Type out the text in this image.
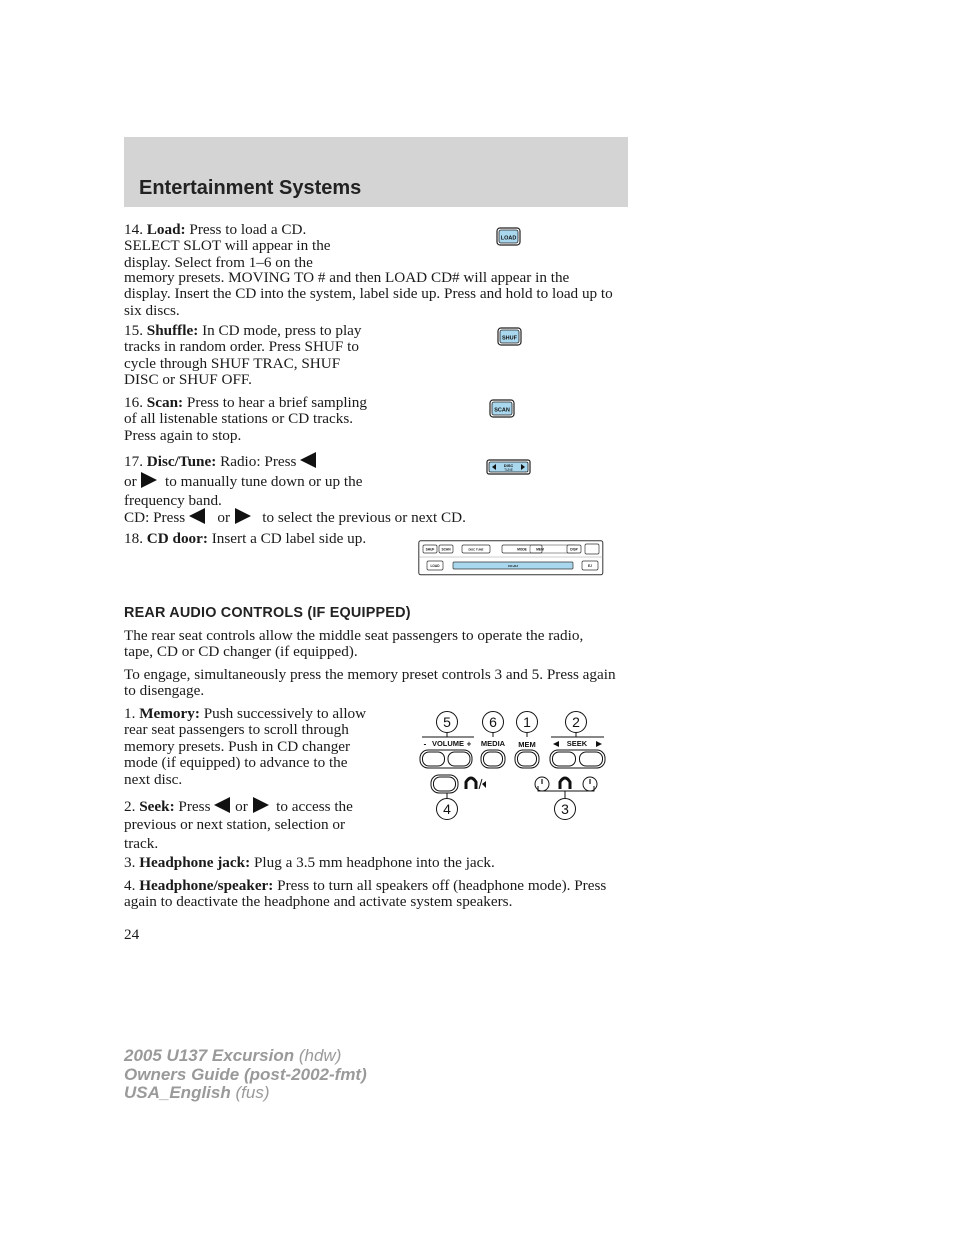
Entertainment Systems
14. Load: Press to load a CD.
SELECT SLOT will appear in the
display. Select from 1–6 on the
memory presets. MOVING TO # and then LOAD CD# will appear in the display. Insert the CD into the system, label side up. Press and hold to load up to six discs.
LOAD
15. Shuffle: In CD mode, press to play tracks in random order. Press SHUF to cycle through SHUF TRAC, SHUF DISC or SHUF OFF.
SHUF
16. Scan: Press to hear a brief sampling of all listenable stations or CD tracks. Press again to stop.
SCAN
17. Disc/Tune: Radio: Press
or to manually tune down or up the frequency band.
CD: Press or to select the previous or next CD.
DISC
TUNE
18. CD door: Insert a CD label side up.
SHUF SCAN	DISC TUNE	MODE	MEM	DISP
LOAD	CD+DJ	EJ
REAR AUDIO CONTROLS (IF EQUIPPED)
The rear seat controls allow the middle seat passengers to operate the radio, tape, CD or CD changer (if equipped).
To engage, simultaneously press the memory preset controls 3 and 5. Press again to disengage.
1. Memory: Push successively to allow rear seat passengers to scroll through memory presets. Push in CD changer mode (if equipped) to advance to the next disc.
2. Seek: Press or to access the previous or next station, selection or track.
3. Headphone jack: Plug a 3.5 mm headphone into the jack.
4. Headphone/speaker: Press to turn all speakers off (headphone mode). Press again to deactivate the headphone and activate system speakers.
5	6 1	2
4	3
- VOLUME + MEDIA MEM	SEEK
24
2005 U137 Excursion (hdw)
Owners Guide (post-2002-fmt)
USA_English (fus)
